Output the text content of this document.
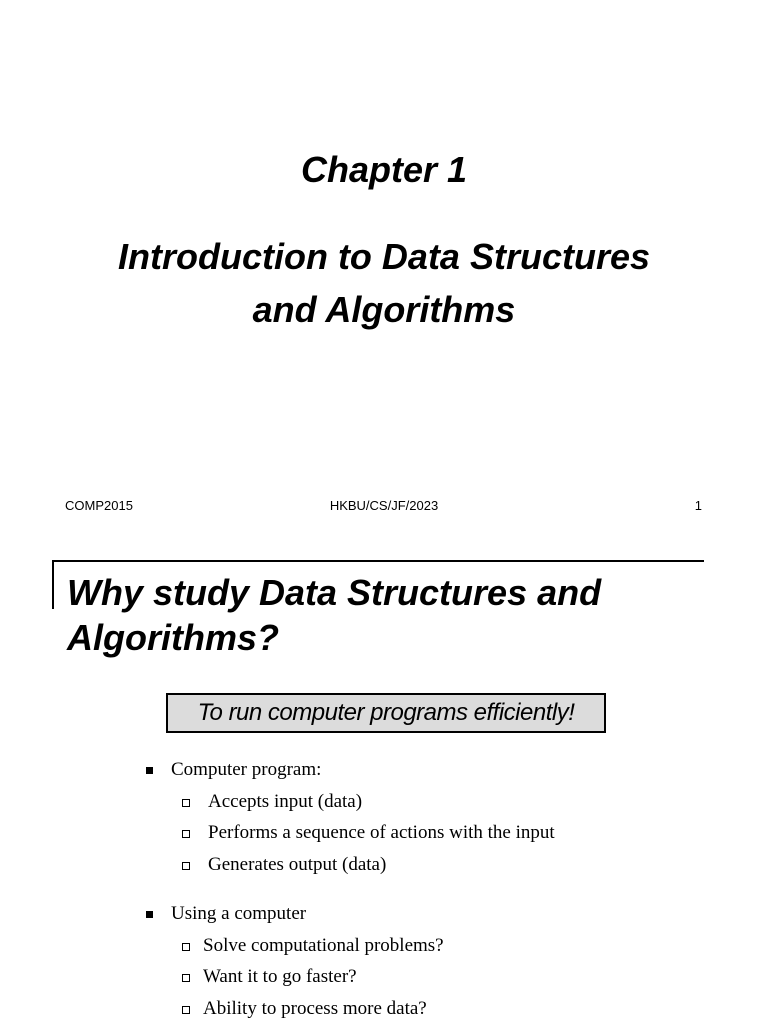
Chapter 1
Introduction to Data Structures
and Algorithms
COMP2015	HKBU/CS/JF/2023	1
Why study Data Structures and
Algorithms?
To run computer programs efficiently!
Computer program:
Accepts input (data)
Performs a sequence of actions with the input
Generates output (data)
Using a computer
Solve computational problems?
Want it to go faster?
Ability to process more data?
